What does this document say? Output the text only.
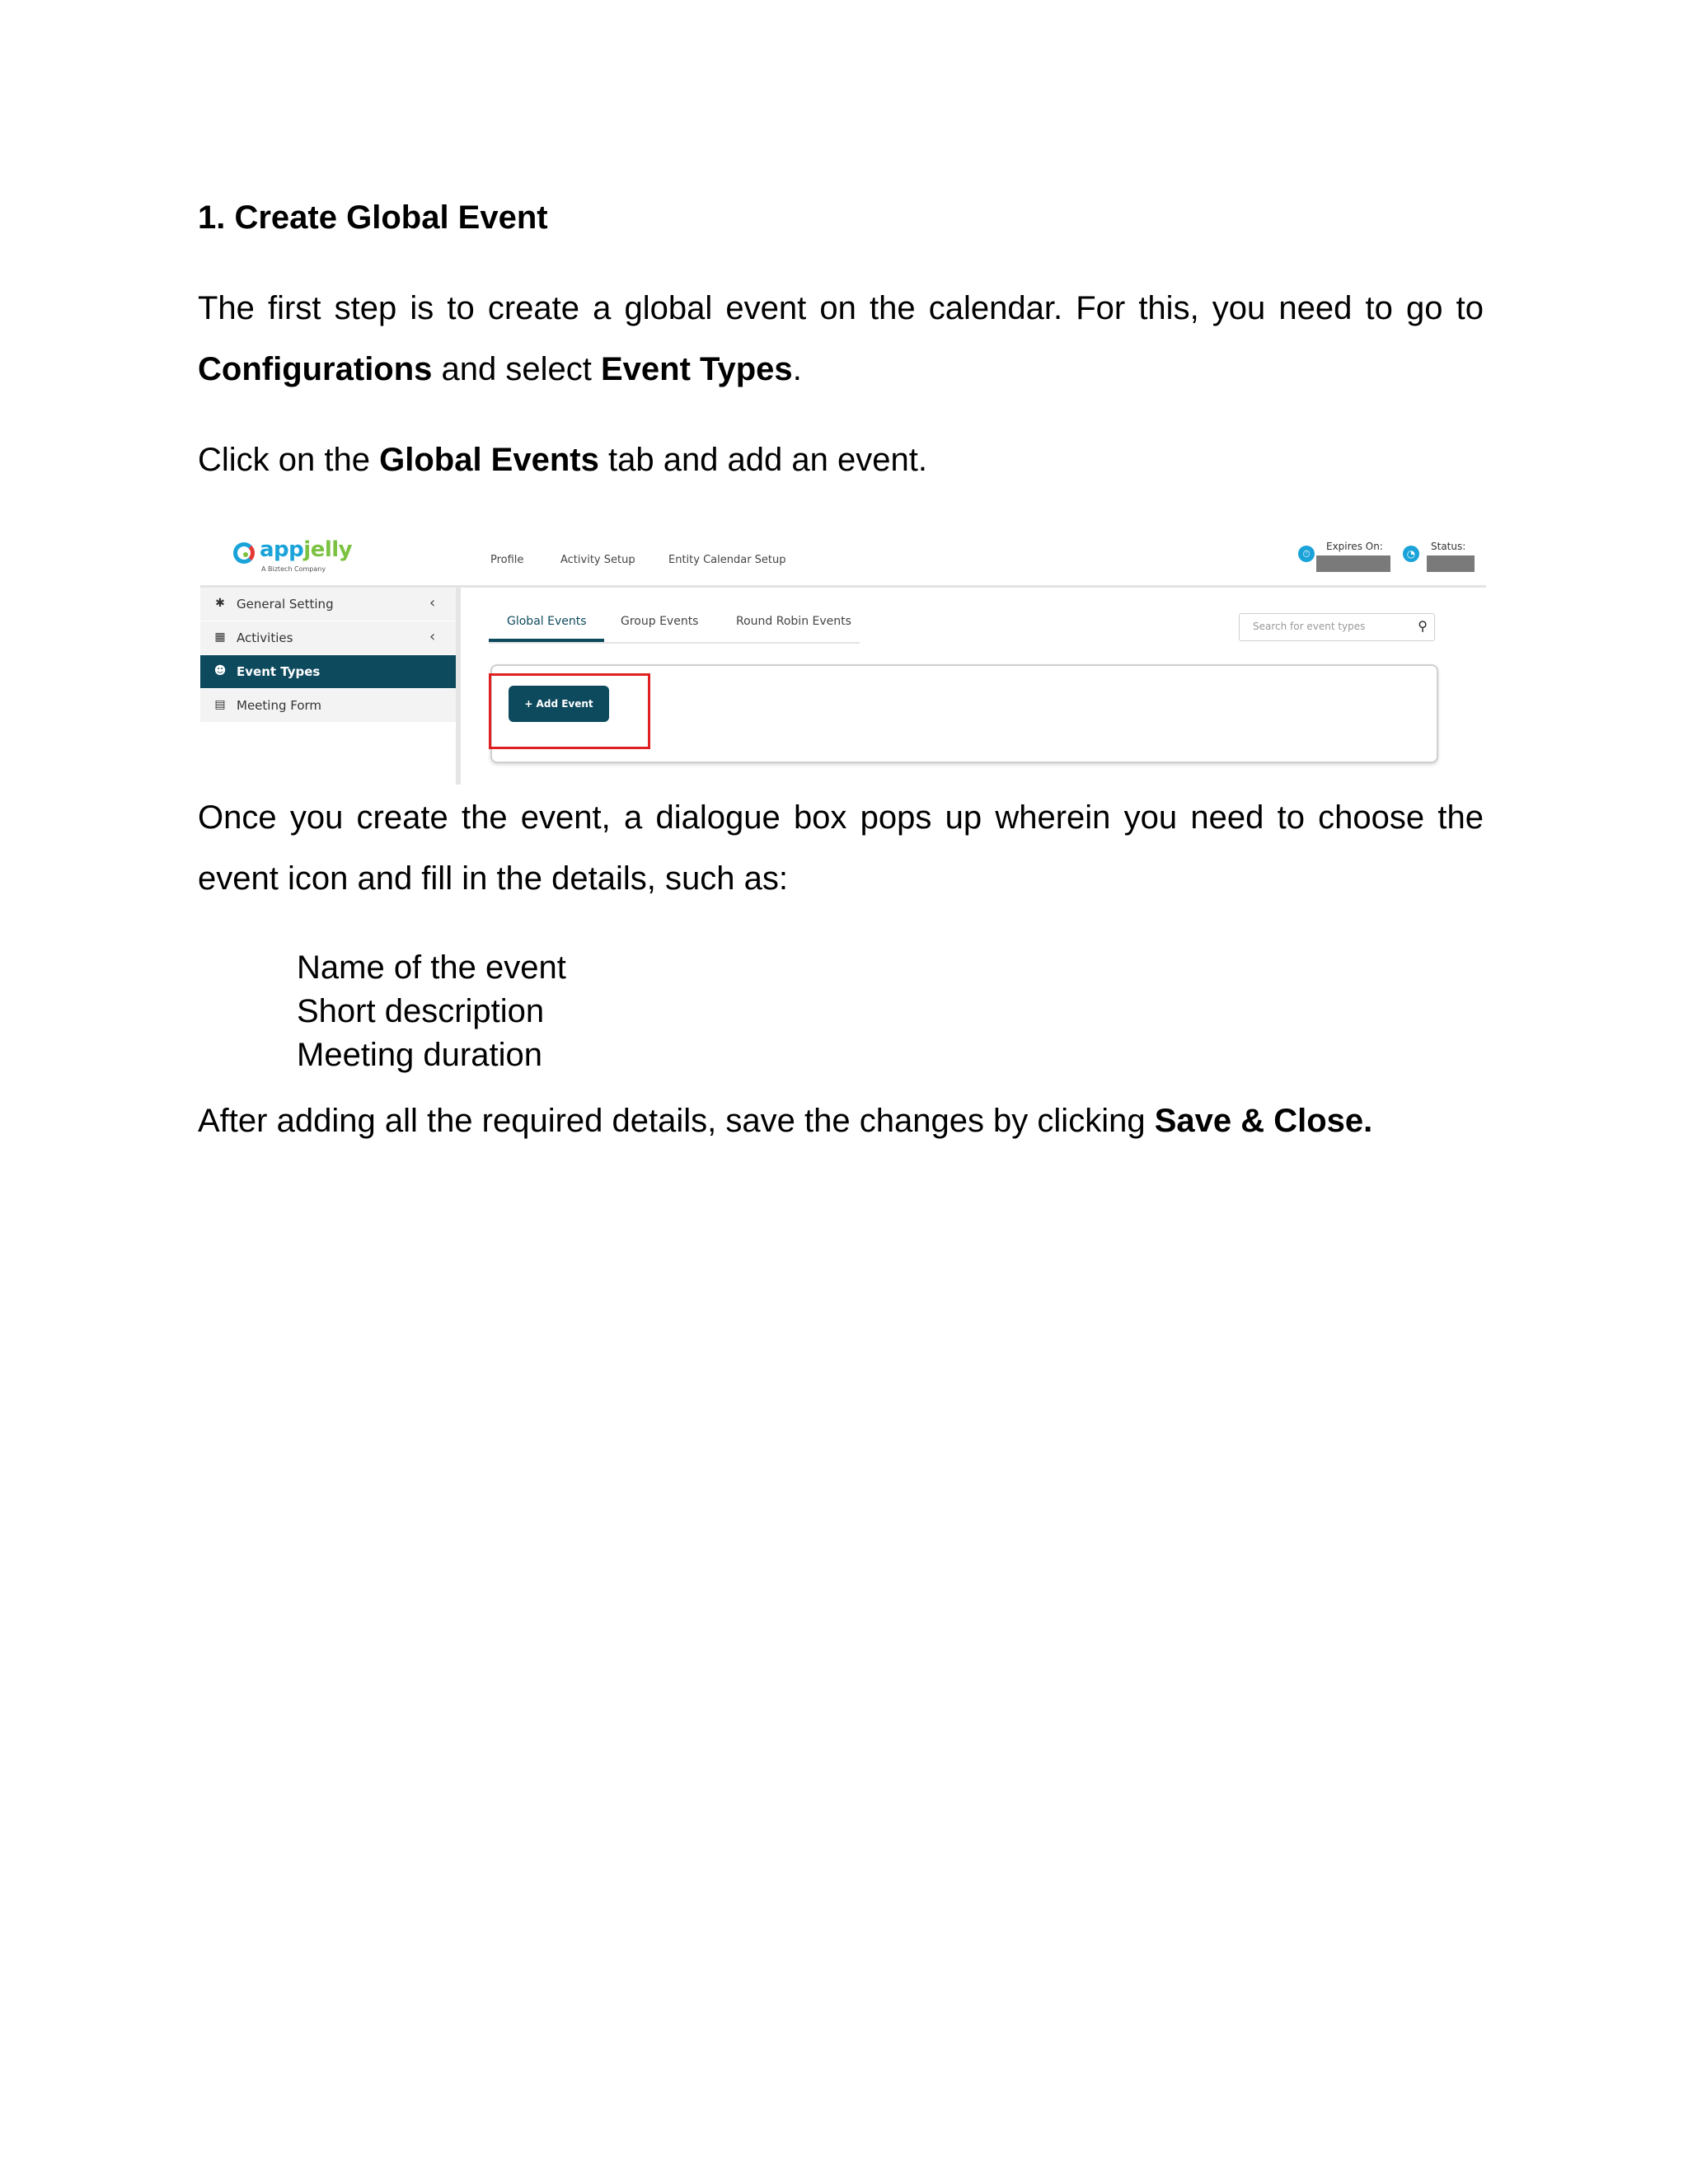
1. Create Global Event

The first step is to create a global event on the calendar. For this, you need to go to

Configurations and select Event Types.

Click on the Global Events tab and add an event.

appjelly
A Biztech Company
Profile	Activity Setup	Entity Calendar Setup	⏱
Expires On:
◔
Status:
✱ General Setting	‹
▦ Activities	‹
☻ Event Types
▤ Meeting Form
Global Events	Group Events	Round Robin Events	Search for event types	⚲
+ Add Event

Once you create the event, a dialogue box pops up wherein you need to choose the

event icon and fill in the details, such as:

Name of the event
Short description
Meeting duration

After adding all the required details, save the changes by clicking Save & Close.
